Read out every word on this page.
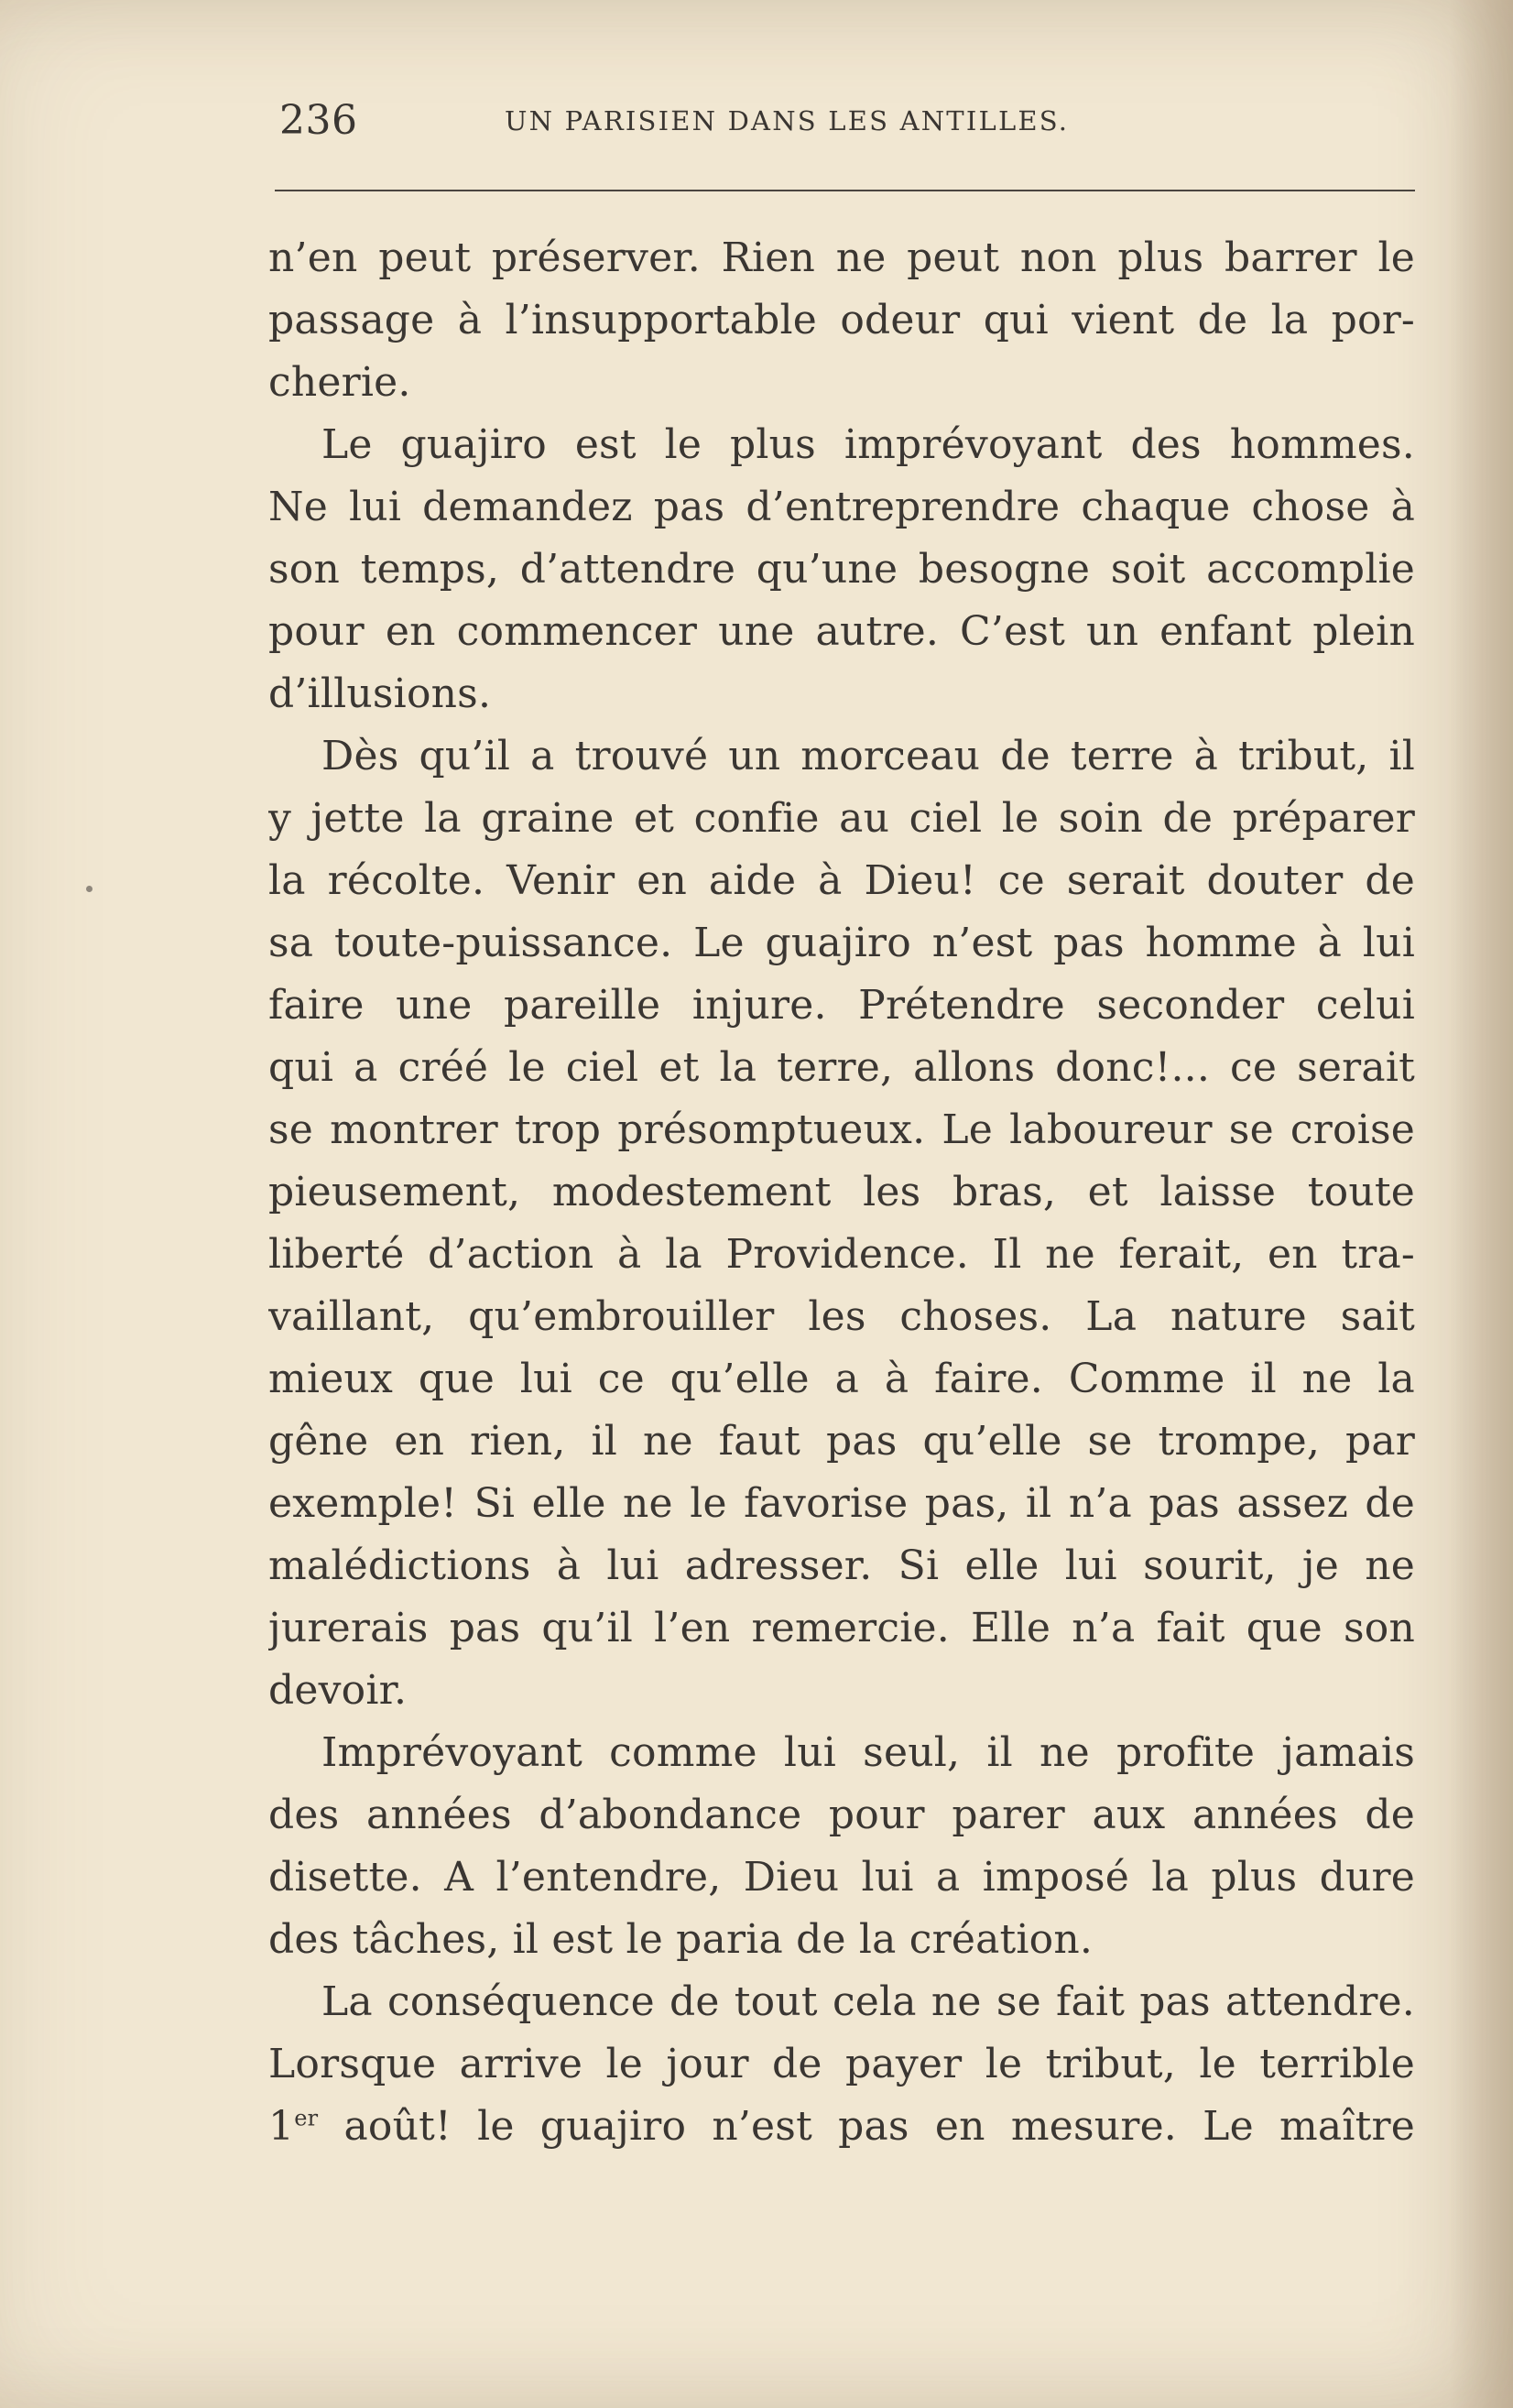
236	UN PARISIEN DANS LES ANTILLES.
n’en peut préserver. Rien ne peut non plus barrer le
passage à l’insupportable odeur qui vient de la por-
cherie.
Le guajiro est le plus imprévoyant des hommes.
Ne lui demandez pas d’entreprendre chaque chose à
son temps, d’attendre qu’une besogne soit accomplie
pour en commencer une autre. C’est un enfant plein
d’illusions.
Dès qu’il a trouvé un morceau de terre à tribut, il
y jette la graine et confie au ciel le soin de préparer
la récolte. Venir en aide à Dieu! ce serait douter de
sa toute-puissance. Le guajiro n’est pas homme à lui
faire une pareille injure. Prétendre seconder celui
qui a créé le ciel et la terre, allons donc!... ce serait
se montrer trop présomptueux. Le laboureur se croise
pieusement, modestement les bras, et laisse toute
liberté d’action à la Providence. Il ne ferait, en tra-
vaillant, qu’embrouiller les choses. La nature sait
mieux que lui ce qu’elle a à faire. Comme il ne la
gêne en rien, il ne faut pas qu’elle se trompe, par
exemple! Si elle ne le favorise pas, il n’a pas assez de
malédictions à lui adresser. Si elle lui sourit, je ne
jurerais pas qu’il l’en remercie. Elle n’a fait que son
devoir.
Imprévoyant comme lui seul, il ne profite jamais
des années d’abondance pour parer aux années de
disette. A l’entendre, Dieu lui a imposé la plus dure
des tâches, il est le paria de la création.
La conséquence de tout cela ne se fait pas attendre.
Lorsque arrive le jour de payer le tribut, le terrible
1er août! le guajiro n’est pas en mesure. Le maître
